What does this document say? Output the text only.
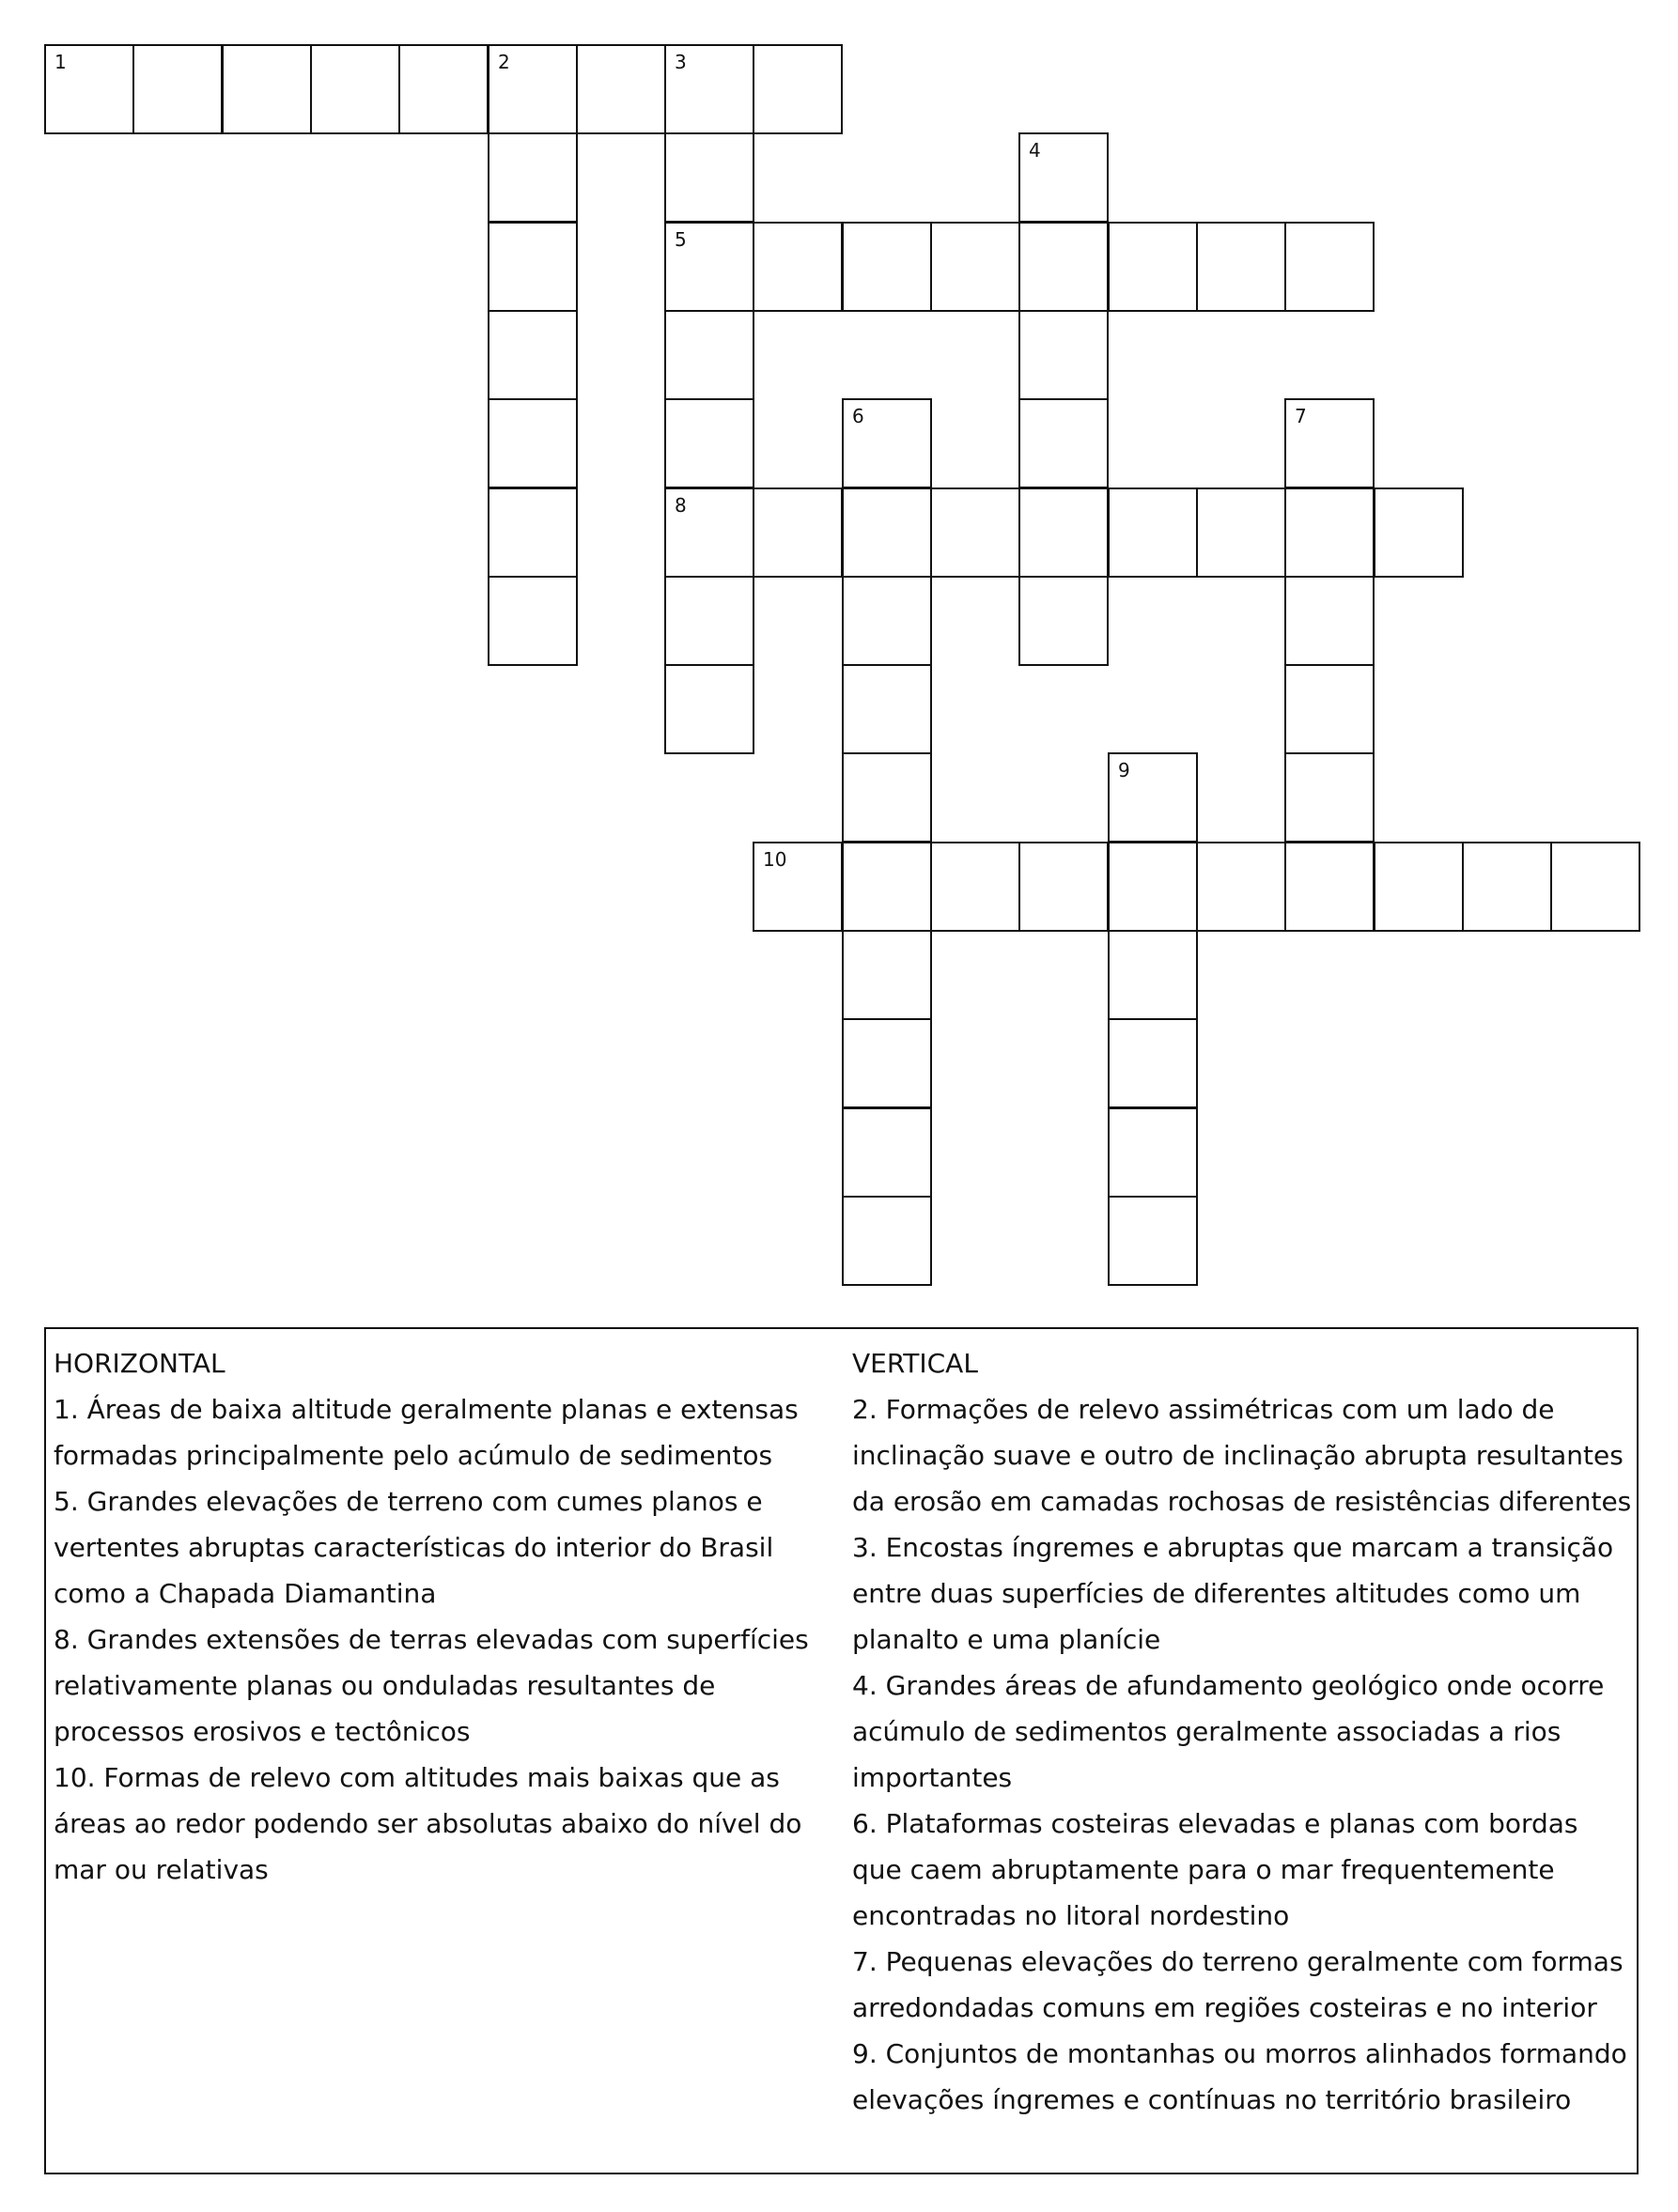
1	2	3
5
8
4
6	7
9
10
HORIZONTAL
1. Áreas de baixa altitude geralmente planas e extensas formadas principalmente pelo acúmulo de sedimentos
5. Grandes elevações de terreno com cumes planos e vertentes abruptas características do interior do Brasil como a Chapada Diamantina
8. Grandes extensões de terras elevadas com superfícies relativamente planas ou onduladas resultantes de processos erosivos e tectônicos
10. Formas de relevo com altitudes mais baixas que as áreas ao redor podendo ser absolutas abaixo do nível do mar ou relativas
VERTICAL
2. Formações de relevo assimétricas com um lado de inclinação suave e outro de inclinação abrupta resultantes da erosão em camadas rochosas de resistências diferentes
3. Encostas íngremes e abruptas que marcam a transição entre duas superfícies de diferentes altitudes como um planalto e uma planície
4. Grandes áreas de afundamento geológico onde ocorre acúmulo de sedimentos geralmente associadas a rios importantes
6. Plataformas costeiras elevadas e planas com bordas que caem abruptamente para o mar frequentemente encontradas no litoral nordestino
7. Pequenas elevações do terreno geralmente com formas arredondadas comuns em regiões costeiras e no interior
9. Conjuntos de montanhas ou morros alinhados formando elevações íngremes e contínuas no território brasileiro
